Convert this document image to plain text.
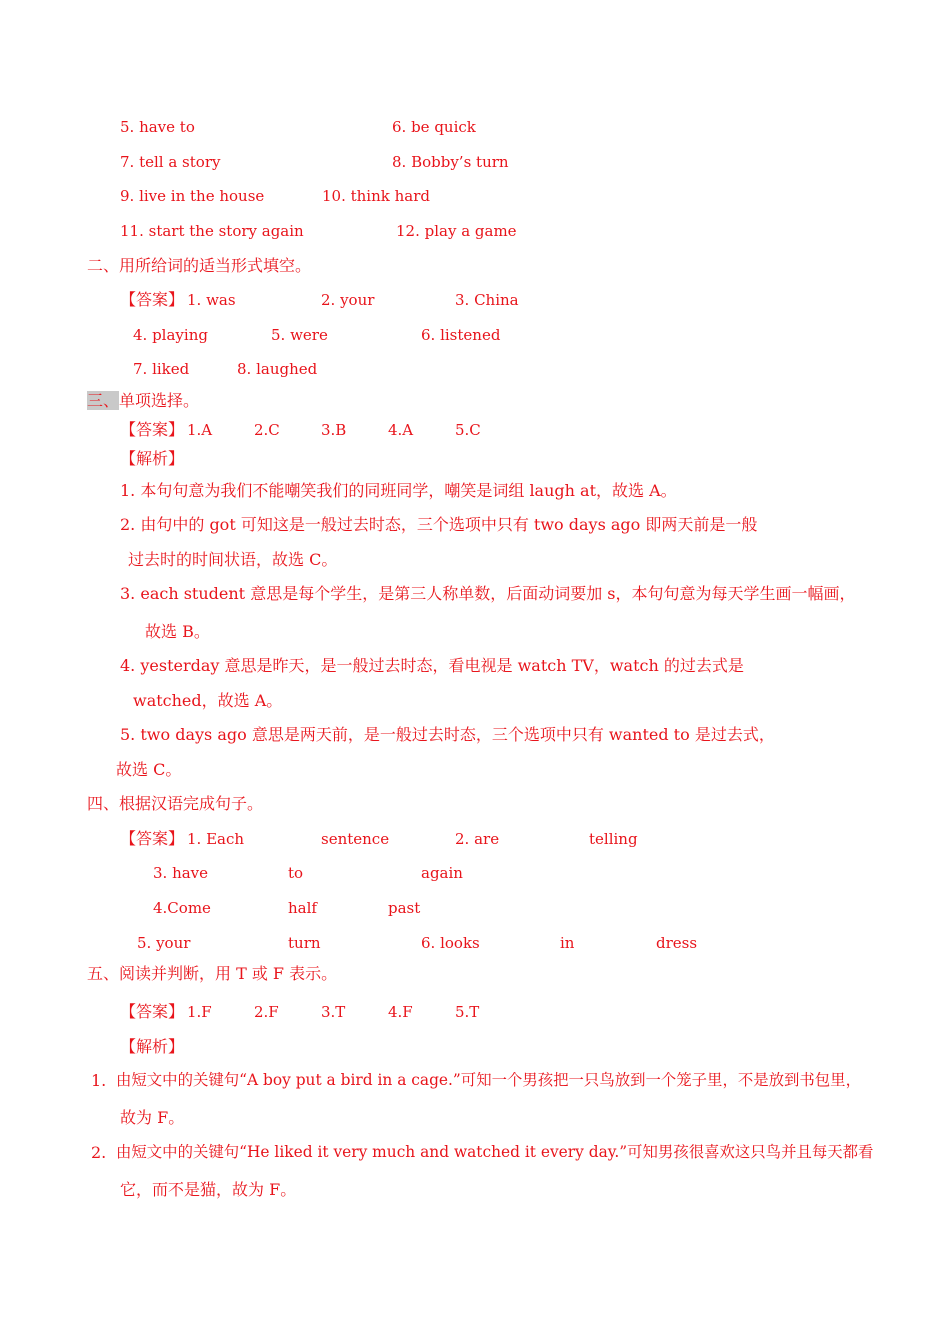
5. have to	6. be quick
7. tell a story	8. Bobby’s turn
9. live in the house	10. think hard
11. start the story again	12. play a game
二、用所给词的适当形式填空。
【答案】 1. was	2. your	3. China
4. playing	5. were	6. listened
7. liked	8. laughed
三、单项选择。
【答案】 1.A	2.C	3.B	4.A	5.C
【解析】
1. 本句句意为我们不能嘲笑我们的同班同学，嘲笑是词组 laugh at，故选 A。
2. 由句中的 got 可知这是一般过去时态，三个选项中只有 two days ago 即两天前是一般
过去时的时间状语，故选 C。
3. each student 意思是每个学生，是第三人称单数，后面动词要加 s，本句句意为每天学生画一幅画，
故选 B。
4. yesterday 意思是昨天，是一般过去时态，看电视是 watch TV，watch 的过去式是
watched，故选 A。
5. two days ago 意思是两天前，是一般过去时态，三个选项中只有 wanted to 是过去式，
故选 C。
四、根据汉语完成句子。
【答案】 1. Each	sentence	2. are	telling
3. have	to	again
4.Come	half	past
5. your	turn	6. looks	in	dress
五、阅读并判断，用 T 或 F 表示。
【答案】 1.F	2.F	3.T	4.F	5.T
【解析】
1. 由短文中的关键句“A boy put a bird in a cage.”可知一个男孩把一只鸟放到一个笼子里，不是放到书包里，
故为 F。
2. 由短文中的关键句“He liked it very much and watched it every day.”可知男孩很喜欢这只鸟并且每天都看
它，而不是猫，故为 F。
